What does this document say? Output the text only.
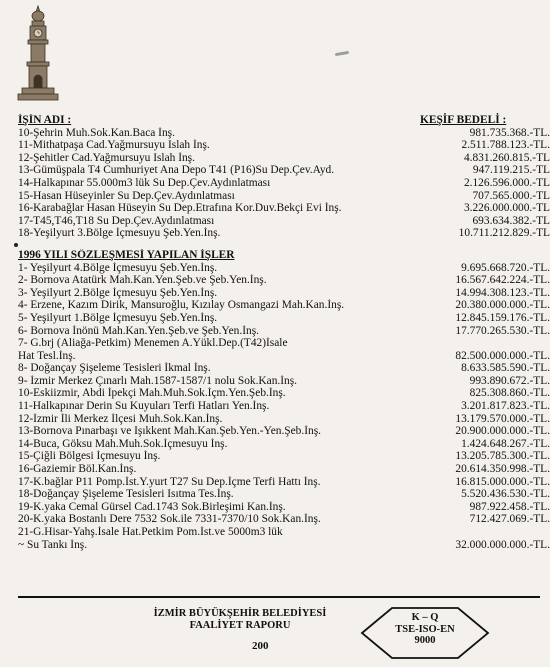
İŞİN ADI :	KEŞİF BEDELİ :
10-Şehrin Muh.Sok.Kan.Baca İnş.	981.735.368.-TL.
11-Mithatpaşa Cad.Yağmursuyu Islah İnş.	2.511.788.123.-TL.
12-Şehitler Cad.Yağmursuyu Islah İnş.	4.831.260.815.-TL
13-Gümüşpala T4 Cumhuriyet Ana Depo T41 (P16)Su Dep.Çev.Ayd.	947.119.215.-TL
14-Halkapınar 55.000m3 lük Su Dep.Çev.Aydınlatması	2.126.596.000.-TL
15-Hasan Hüseyinler Su Dep.Çev.Aydınlatması	707.565.000.-TL
16-Karabağlar Hasan Hüseyin Su Dep.Etrafına Kor.Duv.Bekçi Evi İnş.	3.226.000.000.-TL
17-T45,T46,T18 Su Dep.Çev.Aydınlatması	693.634.382.-TL
18-Yeşilyurt 3.Bölge İçmesuyu Şeb.Yen.İnş.	10.711.212.829.-TL
1996 YILI SÖZLEŞMESİ YAPILAN İŞLER
1- Yeşilyurt 4.Bölge İçmesuyu Şeb.Yen.İnş.	9.695.668.720.-TL.
2- Bornova Atatürk Mah.Kan.Yen.Şeb.ve Şeb.Yen.İnş.	16.567.642.224.-TL.
3- Yeşilyurt 2.Bölge İçmesuyu Şeb.Yen.İnş.	14.994.308.123.-TL.
4- Erzene, Kazım Dirik, Mansuroğlu, Kızılay Osmangazi Mah.Kan.İnş.	20.380.000.000.-TL.
5- Yeşilyurt 1.Bölge İçmesuyu Şeb.Yen.İnş.	12.845.159.176.-TL.
6- Bornova İnönü Mah.Kan.Yen.Şeb.ve Şeb.Yen.İnş.	17.770.265.530.-TL.
7- G.brj (Aliağa-Petkim) Menemen A.Yükl.Dep.(T42)İsale
Hat Tesl.İnş.	82.500.000.000.-TL.
8- Doğançay Şişeleme Tesisleri İkmal İnş.	8.633.585.590.-TL.
9- İzmir Merkez Çınarlı Mah.1587-1587/1 nolu Sok.Kan.İnş.	993.890.672.-TL.
10-Eskiizmir, Abdi İpekçi Mah.Muh.Sok.İçm.Yen.Şeb.İnş.	825.308.860.-TL.
11-Halkapınar Derin Su Kuyuları Terfi Hatları Yen.İnş.	3.201.817.823.-TL.
12-İzmir İli Merkez İlçesi Muh.Sok.Kan.İnş.	13.179.570.000.-TL.
13-Bornova Pınarbaşı ve Işıkkent Mah.Kan.Şeb.Yen.-Yen.Şeb.İnş.	20.900.000.000.-TL.
14-Buca, Göksu Mah.Muh.Sok.İçmesuyu İnş.	1.424.648.267.-TL.
15-Çiğli Bölgesi İçmesuyu İnş.	13.205.785.300.-TL.
16-Gaziemir Böl.Kan.İnş.	20.614.350.998.-TL.
17-K.bağlar P11 Pomp.İst.Y.yurt T27 Su Dep.İçme Terfi Hattı İnş.	16.815.000.000.-TL.
18-Doğançay Şişeleme Tesisleri Isıtma Tes.İnş.	5.520.436.530.-TL.
19-K.yaka Cemal Gürsel Cad.1743 Sok.Birleşimi Kan.İnş.	987.922.458.-TL.
20-K.yaka Bostanlı Dere 7532 Sok.ile 7331-7370/10 Sok.Kan.İnş.	712.427.069.-TL.
21-G.Hisar-Yahş.İsale Hat.Petkim Pom.İst.ve 5000m3 lük
~ Su Tankı İnş.	32.000.000.000.-TL.
İZMİR BÜYÜKŞEHİR BELEDİYESİ
FAALİYET RAPORU
200
K – Q
TSE-ISO-EN
9000
